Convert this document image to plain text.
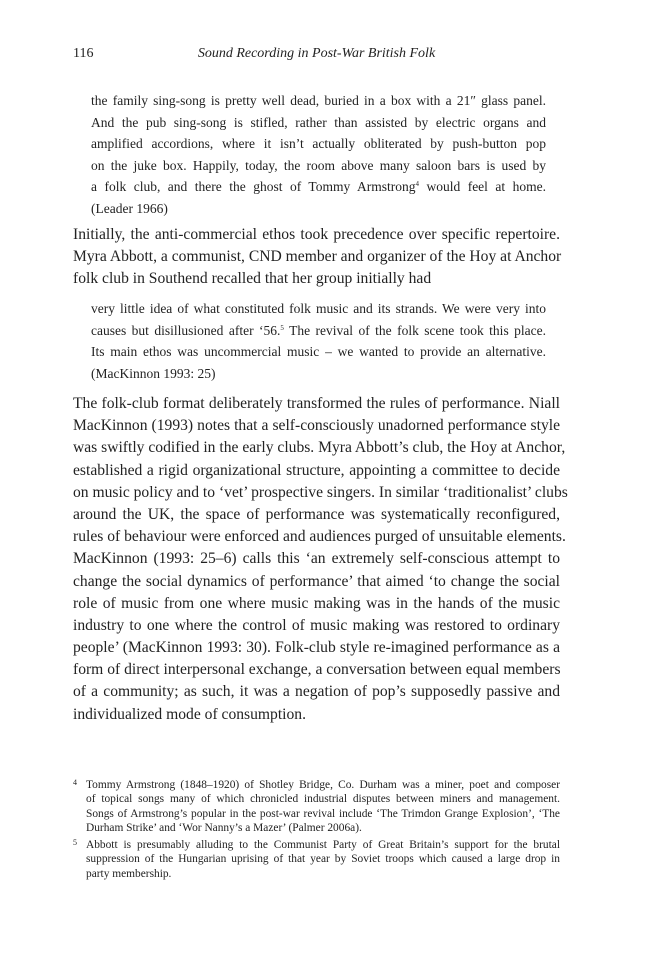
116	Sound Recording in Post-War British Folk
the family sing-song is pretty well dead, buried in a box with a 21″ glass panel.
And the pub sing-song is stifled, rather than assisted by electric organs and
amplified accordions, where it isn’t actually obliterated by push-button pop
on the juke box. Happily, today, the room above many saloon bars is used by
a folk club, and there the ghost of Tommy Armstrong$^4$ would feel at home.
(Leader 1966)
Initially, the anti-commercial ethos took precedence over specific repertoire.
Myra Abbott, a communist, CND member and organizer of the Hoy at Anchor
folk club in Southend recalled that her group initially had
very little idea of what constituted folk music and its strands. We were very into
causes but disillusioned after ‘56.$^5$ The revival of the folk scene took this place.
Its main ethos was uncommercial music – we wanted to provide an alternative.
(MacKinnon 1993: 25)
The folk-club format deliberately transformed the rules of performance. Niall
MacKinnon (1993) notes that a self-consciously unadorned performance style
was swiftly codified in the early clubs. Myra Abbott’s club, the Hoy at Anchor,
established a rigid organizational structure, appointing a committee to decide
on music policy and to ‘vet’ prospective singers. In similar ‘traditionalist’ clubs
around the UK, the space of performance was systematically reconfigured,
rules of behaviour were enforced and audiences purged of unsuitable elements.
MacKinnon (1993: 25–6) calls this ‘an extremely self-conscious attempt to
change the social dynamics of performance’ that aimed ‘to change the social
role of music from one where music making was in the hands of the music
industry to one where the control of music making was restored to ordinary
people’ (MacKinnon 1993: 30). Folk-club style re-imagined performance as a
form of direct interpersonal exchange, a conversation between equal members
of a community; as such, it was a negation of pop’s supposedly passive and
individualized mode of consumption.
4 Tommy Armstrong (1848–1920) of Shotley Bridge, Co. Durham was a miner, poet and composer
of topical songs many of which chronicled industrial disputes between miners and management.
Songs of Armstrong’s popular in the post-war revival include ‘The Trimdon Grange Explosion’, ‘The
Durham Strike’ and ‘Wor Nanny’s a Mazer’ (Palmer 2006a).
5 Abbott is presumably alluding to the Communist Party of Great Britain’s support for the brutal
suppression of the Hungarian uprising of that year by Soviet troops which caused a large drop in
party membership.
